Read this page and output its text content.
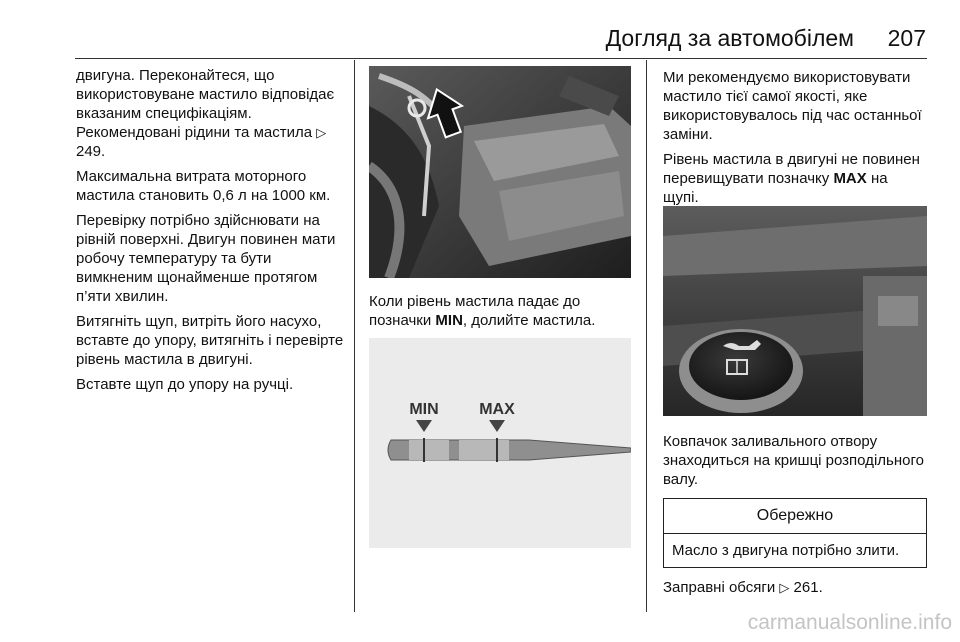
Догляд за автомобілем	207

двигуна. Переконайтеся, що використовуване мастило відповідає вказаним специфікаціям. Рекомендовані рідини та мастила ▷ 249.

Максимальна витрата моторного мастила становить 0,6 л на 1000 км.

Перевірку потрібно здійснювати на рівній поверхні. Двигун повинен мати робочу температуру та бути вимкненим щонайменше протягом п’яти хвилин.

Витягніть щуп, витріть його насухо, вставте до упору, витягніть і перевірте рівень мастила в двигуні.

Вставте щуп до упору на ручці.

Коли рівень мастила падає до позначки MIN, долийте мастила.

MIN	MAX

Ми рекомендуємо використовувати мастило тієї самої якості, яке використовувалось під час останньої заміни.

Рівень мастила в двигуні не повинен перевищувати позначку MAX на щупі.

Ковпачок заливального отвору знаходиться на кришці розподільного валу.

Обережно
Масло з двигуна потрібно злити.

Заправні обсяги ▷ 261.

carmanualsonline.info
